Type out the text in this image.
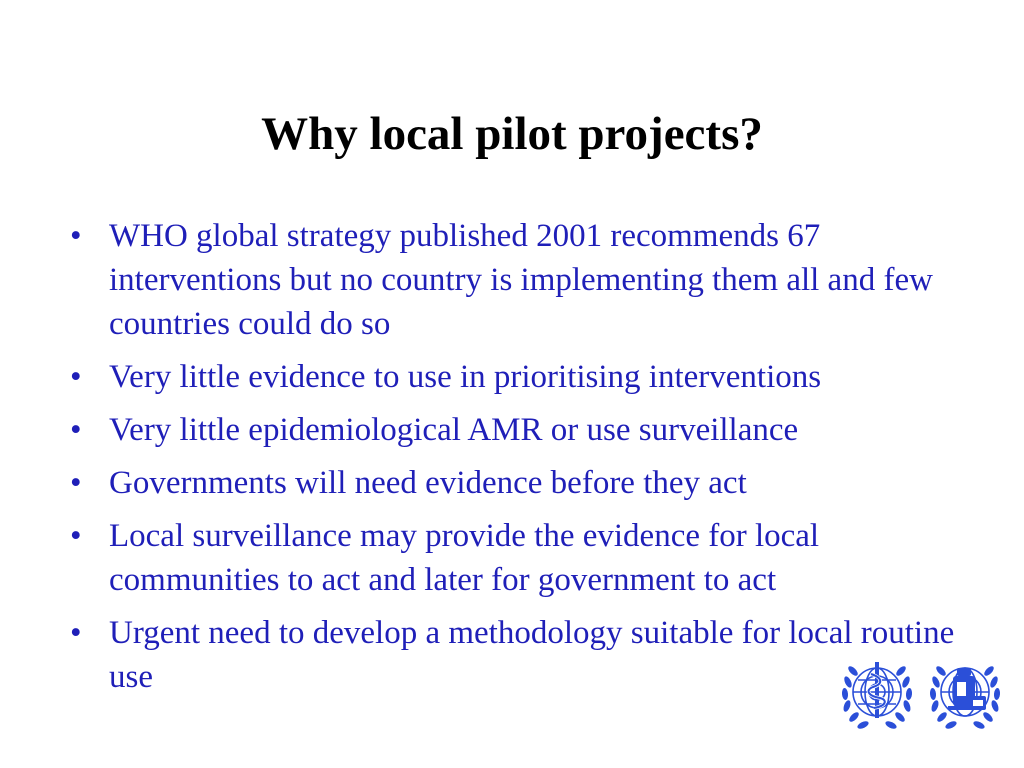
Why local pilot projects?
• WHO global strategy published 2001 recommends 67 interventions but no country is implementing them all and few countries could do so
• Very little evidence to use in prioritising interventions
• Very little epidemiological AMR or use surveillance
• Governments will need evidence before they act
• Local surveillance may provide the evidence for local communities to act and later for government to act
• Urgent need to develop a methodology suitable for local routine use
